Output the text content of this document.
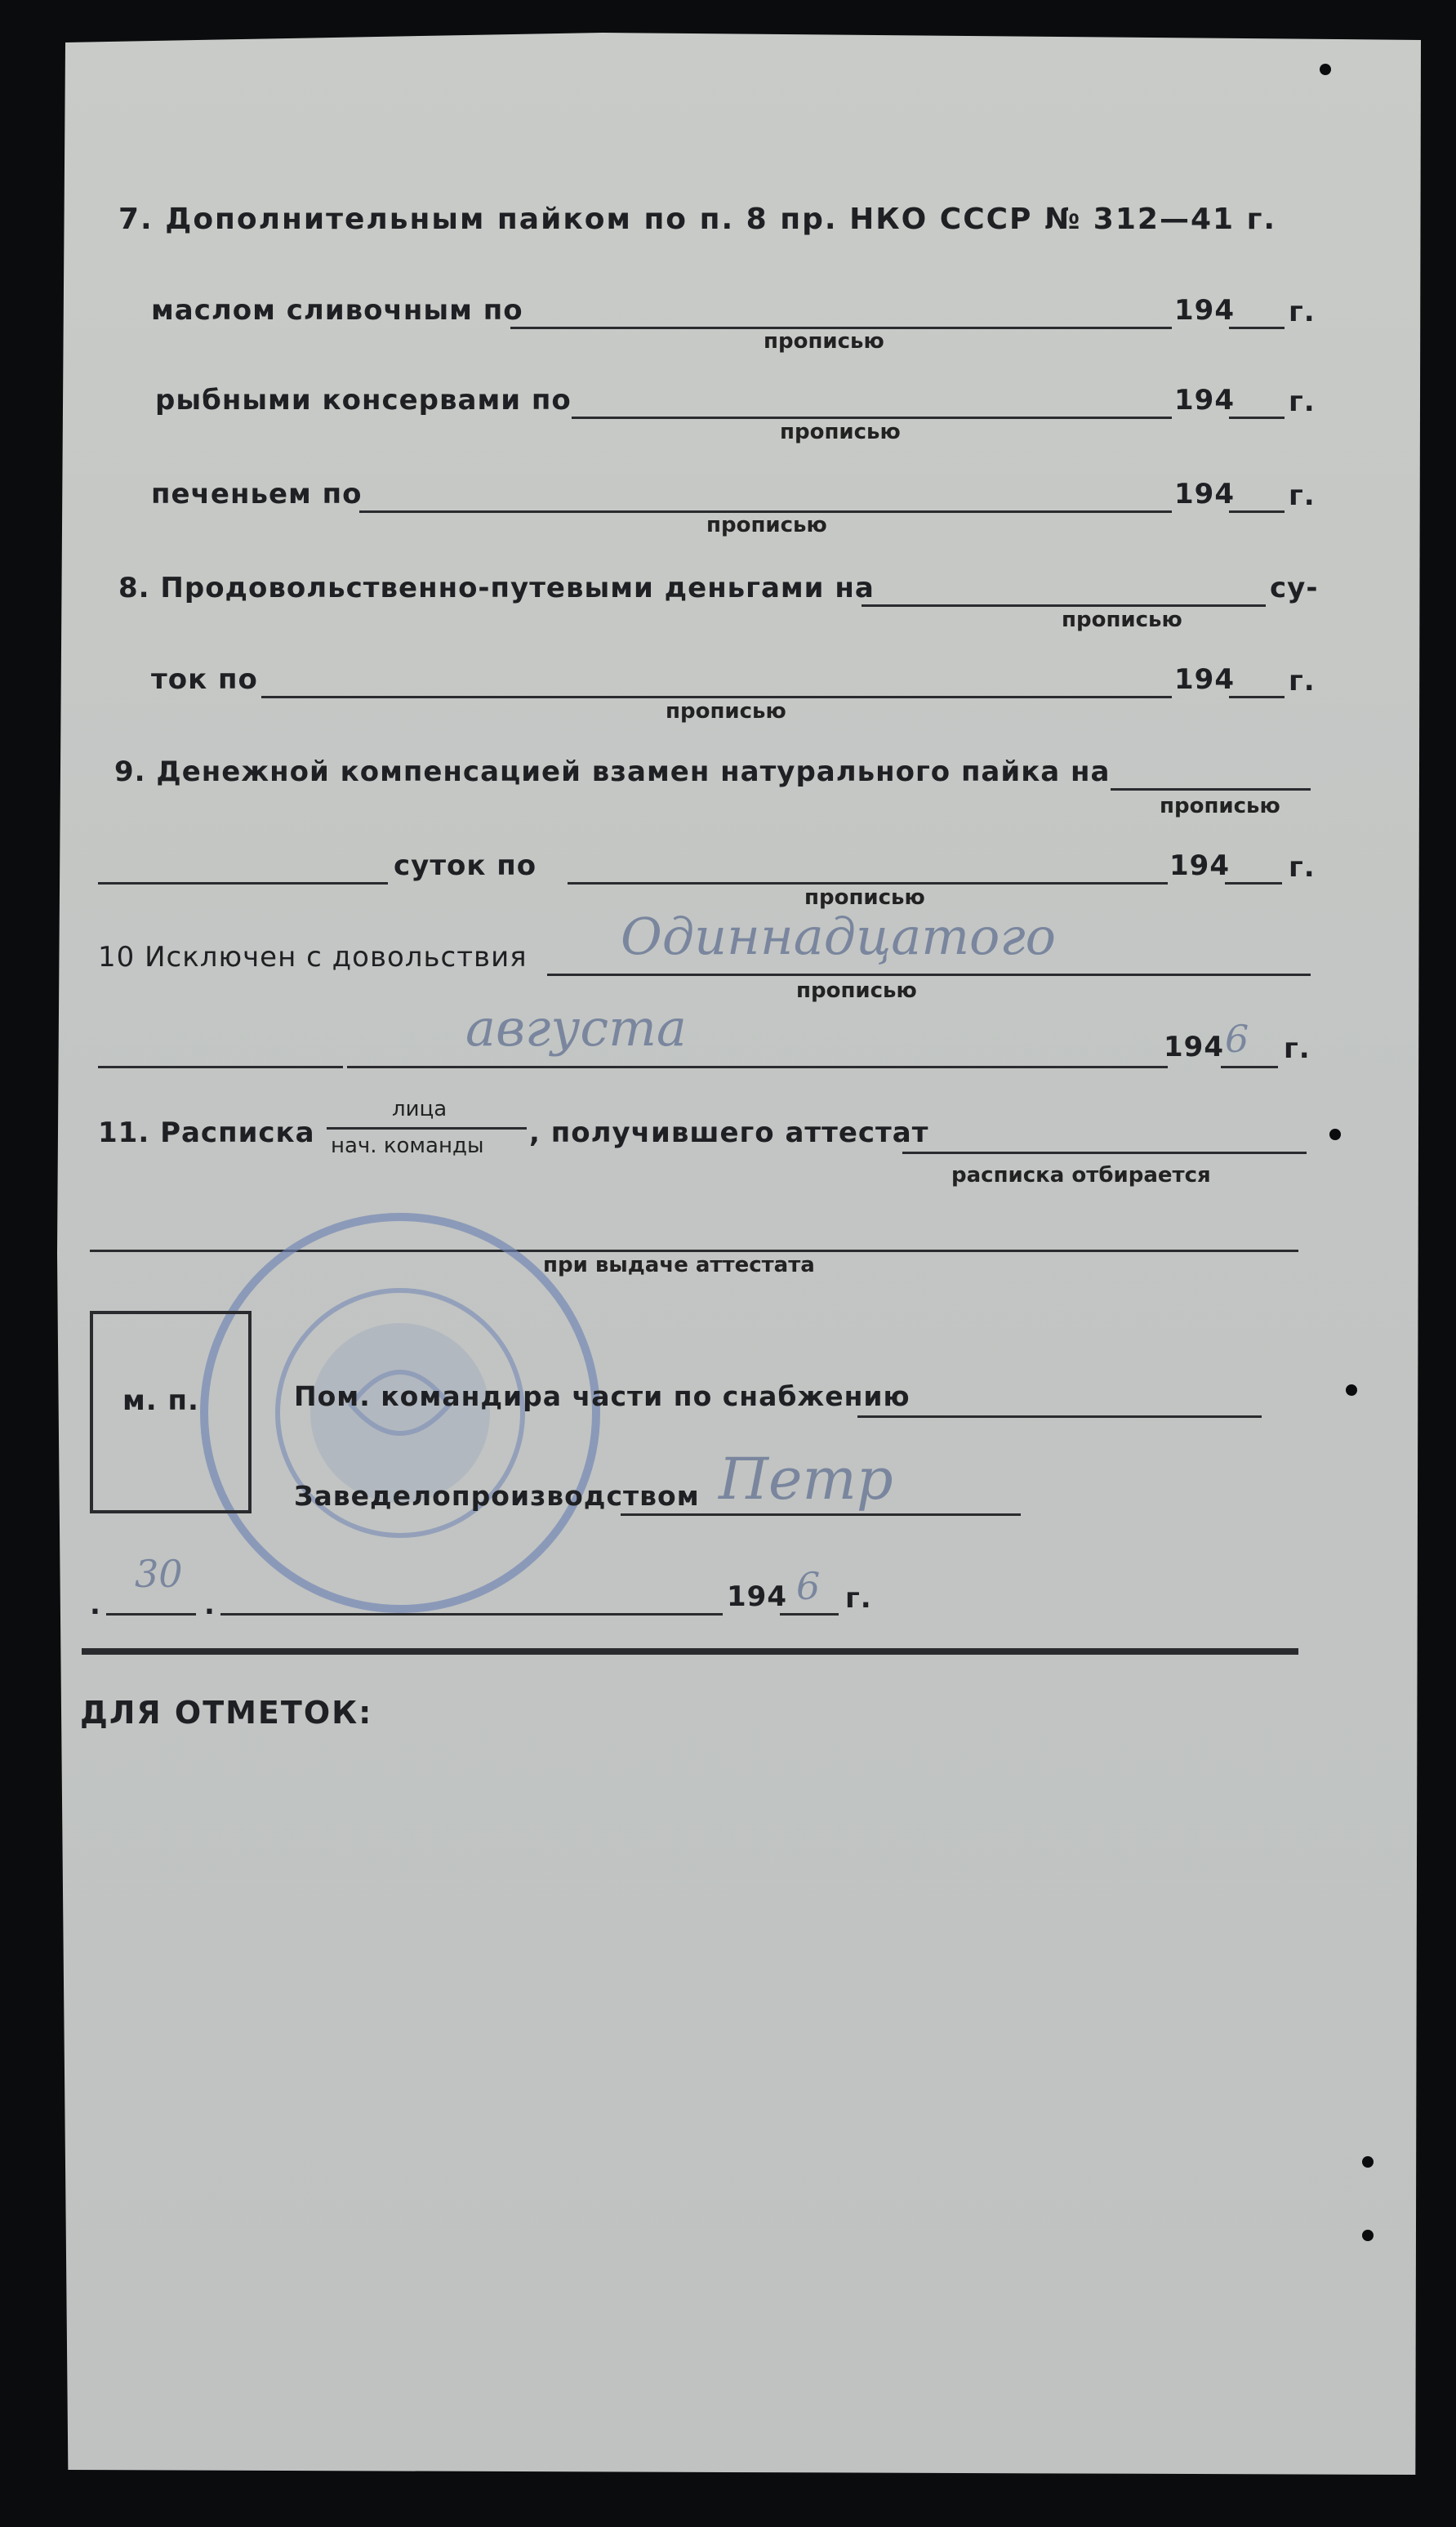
7. Дополнительным пайком по п. 8 пр. НКО СССР № 312—41 г.
маслом сливочным по
прописью
194 г.
рыбными консервами по
прописью
194 г.
печеньем по
прописью
194 г.
8. Продовольственно-путевыми деньгами на	су-
прописью
ток по
прописью
194 г.
9. Денежной компенсацией взамен натурального пайка на
прописью
суток по
прописью
194 г.
10 Исключен с довольствия Одиннадцатого
прописью
августа	194 6 г.
11. Расписка
лица
нач. команды , получившего аттестат
расписка отбирается
при выдаче аттестата
м. п.	Пом. командира части по снабжению
Заведелопроизводством Петр
.
30
.	194 6 г.
ДЛЯ ОТМЕТОК:
